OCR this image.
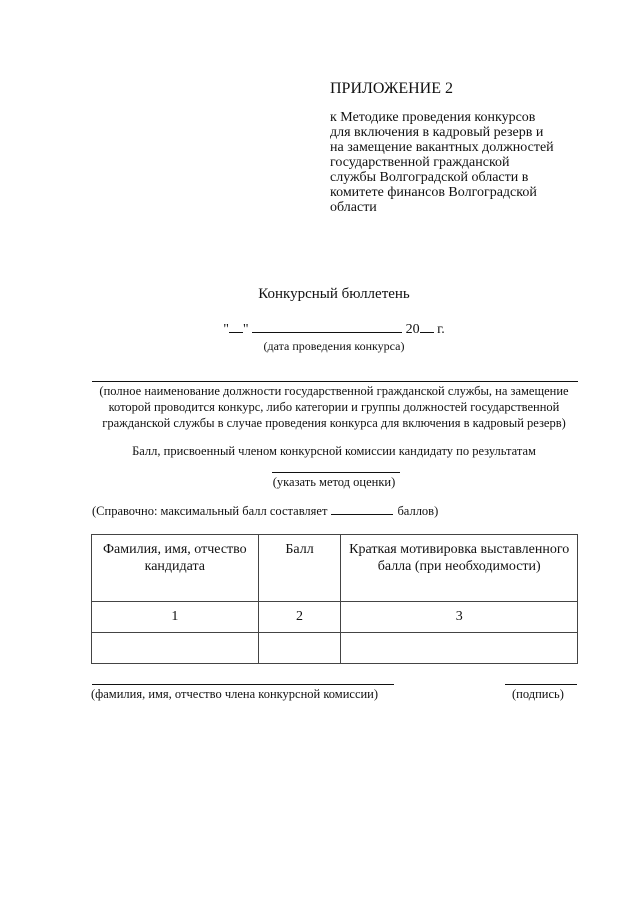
ПРИЛОЖЕНИЕ 2

к Методике проведения конкурсов
для включения в кадровый резерв и
на замещение вакантных должностей
государственной гражданской
службы Волгоградской области в
комитете финансов Волгоградской
области

Конкурсный бюллетень
" "	20 г.
(дата проведения конкурса)
(полное наименование должности государственной гражданской службы, на замещение которой проводится конкурс, либо категории и группы должностей государственной гражданской службы в случае проведения конкурса для включения в кадровый резерв)
Балл, присвоенный членом конкурсной комиссии кандидату по результатам
(указать метод оценки)
(Справочно: максимальный балл составляет	баллов)
Фамилия, имя, отчество кандидата	Балл	Краткая мотивировка выставленного балла (при необходимости)
1	2	3

(фамилия, имя, отчество члена конкурсной комиссии)	(подпись)
